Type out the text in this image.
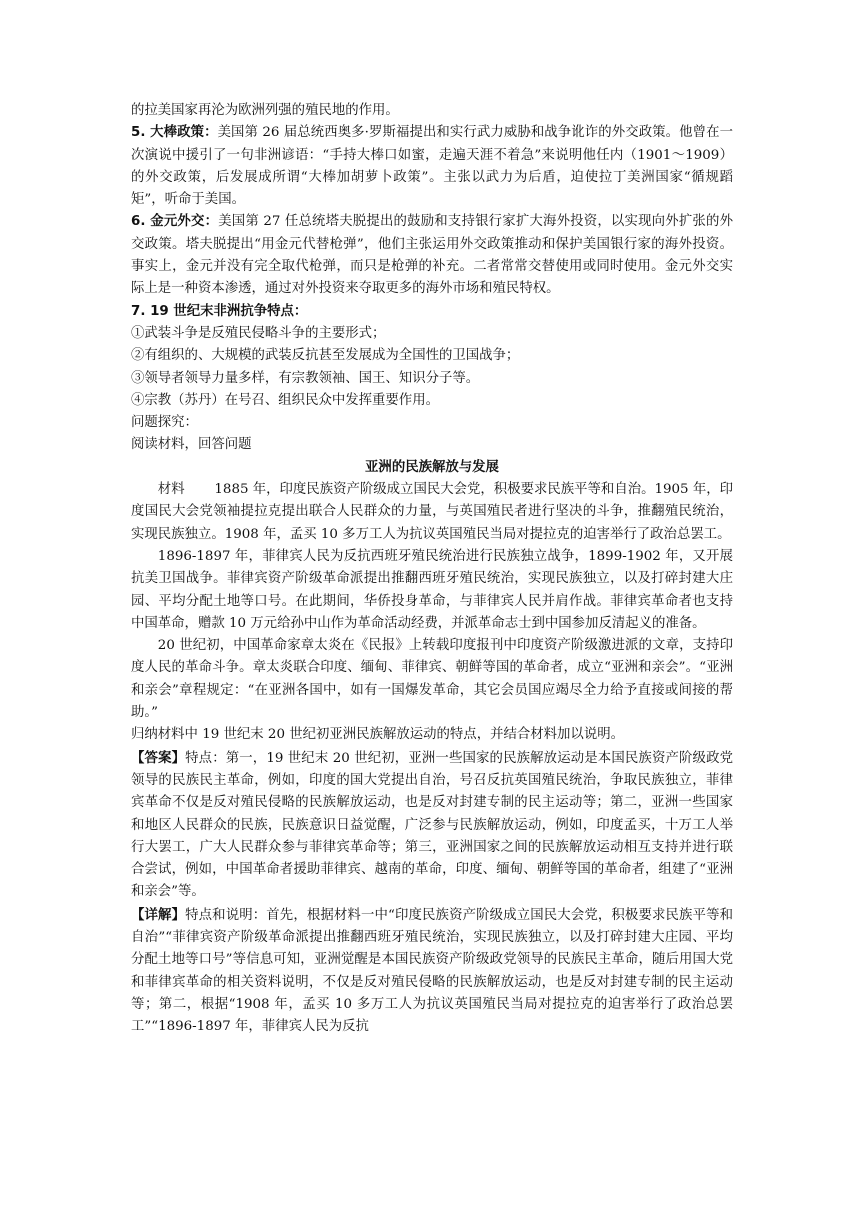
的拉美国家再沦为欧洲列强的殖民地的作用。

5. 大棒政策：美国第 26 届总统西奥多·罗斯福提出和实行武力威胁和战争讹诈的外交政策。他曾在一次演说中援引了一句非洲谚语：“手持大棒口如蜜，走遍天涯不着急”来说明他任内（1901～1909）的外交政策，后发展成所谓“大棒加胡萝卜政策”。主张以武力为后盾，迫使拉丁美洲国家“循规蹈矩”，听命于美国。

6. 金元外交：美国第 27 任总统塔夫脱提出的鼓励和支持银行家扩大海外投资，以实现向外扩张的外交政策。塔夫脱提出“用金元代替枪弹”，他们主张运用外交政策推动和保护美国银行家的海外投资。事实上，金元并没有完全取代枪弹，而只是枪弹的补充。二者常常交替使用或同时使用。金元外交实际上是一种资本渗透，通过对外投资来夺取更多的海外市场和殖民特权。

7. 19 世纪末非洲抗争特点：

①武装斗争是反殖民侵略斗争的主要形式；

②有组织的、大规模的武装反抗甚至发展成为全国性的卫国战争；

③领导者领导力量多样，有宗教领袖、国王、知识分子等。

④宗教（苏丹）在号召、组织民众中发挥重要作用。

问题探究：

阅读材料，回答问题

亚洲的民族解放与发展

材料 1885 年，印度民族资产阶级成立国民大会党，积极要求民族平等和自治。1905 年，印度国民大会党领袖提拉克提出联合人民群众的力量，与英国殖民者进行坚决的斗争，推翻殖民统治，实现民族独立。1908 年，孟买 10 多万工人为抗议英国殖民当局对提拉克的迫害举行了政治总罢工。

1896-1897 年，菲律宾人民为反抗西班牙殖民统治进行民族独立战争，1899-1902 年，又开展抗美卫国战争。菲律宾资产阶级革命派提出推翻西班牙殖民统治，实现民族独立，以及打碎封建大庄园、平均分配土地等口号。在此期间，华侨投身革命，与菲律宾人民并肩作战。菲律宾革命者也支持中国革命，赠款 10 万元给孙中山作为革命活动经费，并派革命志士到中国参加反清起义的准备。

20 世纪初，中国革命家章太炎在《民报》上转载印度报刊中印度资产阶级激进派的文章，支持印度人民的革命斗争。章太炎联合印度、缅甸、菲律宾、朝鲜等国的革命者，成立“亚洲和亲会”。“亚洲和亲会”章程规定：“在亚洲各国中，如有一国爆发革命，其它会员国应竭尽全力给予直接或间接的帮助。”

归纳材料中 19 世纪末 20 世纪初亚洲民族解放运动的特点，并结合材料加以说明。

【答案】特点：第一，19 世纪末 20 世纪初，亚洲一些国家的民族解放运动是本国民族资产阶级政党领导的民族民主革命，例如，印度的国大党提出自治，号召反抗英国殖民统治，争取民族独立，菲律宾革命不仅是反对殖民侵略的民族解放运动，也是反对封建专制的民主运动等；第二，亚洲一些国家和地区人民群众的民族，民族意识日益觉醒，广泛参与民族解放运动，例如，印度孟买，十万工人举行大罢工，广大人民群众参与菲律宾革命等；第三，亚洲国家之间的民族解放运动相互支持并进行联合尝试，例如，中国革命者援助菲律宾、越南的革命，印度、缅甸、朝鲜等国的革命者，组建了“亚洲和亲会”等。

【详解】特点和说明：首先，根据材料一中“印度民族资产阶级成立国民大会党，积极要求民族平等和自治”“菲律宾资产阶级革命派提出推翻西班牙殖民统治，实现民族独立，以及打碎封建大庄园、平均分配土地等口号”等信息可知，亚洲觉醒是本国民族资产阶级政党领导的民族民主革命，随后用国大党和菲律宾革命的相关资料说明，不仅是反对殖民侵略的民族解放运动，也是反对封建专制的民主运动等；第二，根据“1908 年，孟买 10 多万工人为抗议英国殖民当局对提拉克的迫害举行了政治总罢工”“1896-1897 年，菲律宾人民为反抗
